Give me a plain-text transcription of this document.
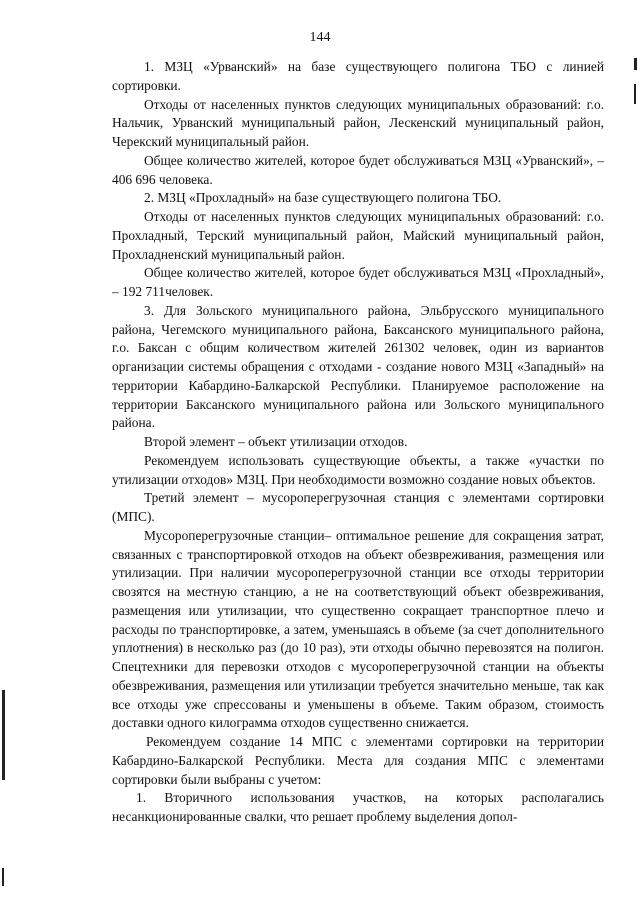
144

1. МЗЦ «Урванский» на базе существующего полигона ТБО с линией сортировки.

Отходы от населенных пунктов следующих муниципальных образований: г.о. Нальчик, Урванский муниципальный район, Лескенский муниципальный район, Черекский муниципальный район.

Общее количество жителей, которое будет обслуживаться МЗЦ «Урванский», – 406 696 человека.

2. МЗЦ «Прохладный» на базе существующего полигона ТБО.

Отходы от населенных пунктов следующих муниципальных образований: г.о. Прохладный, Терский муниципальный район, Майский муниципальный район, Прохладненский муниципальный район.

Общее количество жителей, которое будет обслуживаться МЗЦ «Прохладный», – 192 711человек.

3. Для Зольского муниципального района, Эльбрусского муниципального района, Чегемского муниципального района, Баксанского муниципального района, г.о. Баксан с общим количеством жителей 261302 человек, один из вариантов организации системы обращения с отходами - создание нового МЗЦ «Западный» на территории Кабардино-Балкарской Республики. Планируемое расположение на территории Баксанского муниципального района или Зольского муниципального района.

Второй элемент – объект утилизации отходов.

Рекомендуем использовать существующие объекты, а также «участки по утилизации отходов» МЗЦ. При необходимости возможно создание новых объектов.

Третий элемент – мусороперегрузочная станция с элементами сортировки (МПС).

Мусороперегрузочные станции– оптимальное решение для сокращения затрат, связанных с транспортировкой отходов на объект обезвреживания, размещения или утилизации. При наличии мусороперегрузочной станции все отходы территории свозятся на местную станцию, а не на соответствующий объект обезвреживания, размещения или утилизации, что существенно сокращает транспортное плечо и расходы по транспортировке, а затем, уменьшаясь в объеме (за счет дополнительного уплотнения) в несколько раз (до 10 раз), эти отходы обычно перевозятся на полигон. Спецтехники для перевозки отходов с мусороперегрузочной станции на объекты обезвреживания, размещения или утилизации требуется значительно меньше, так как все отходы уже спрессованы и уменьшены в объеме. Таким образом, стоимость доставки одного килограмма отходов существенно снижается.

Рекомендуем создание 14 МПС с элементами сортировки на территории Кабардино-Балкарской Республики. Места для создания МПС с элементами сортировки были выбраны с учетом:

1. Вторичного использования участков, на которых располагались несанкционированные свалки, что решает проблему выделения допол-
